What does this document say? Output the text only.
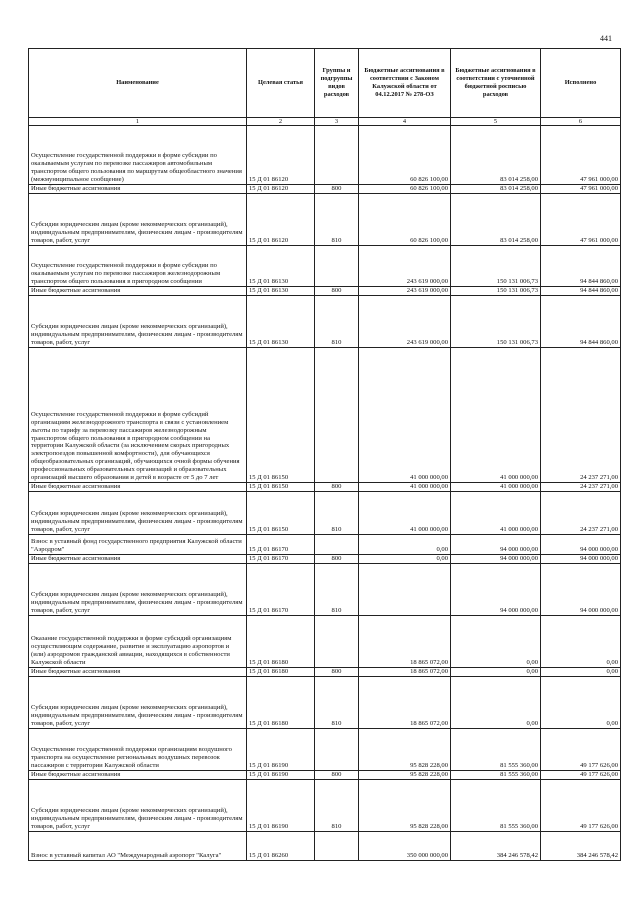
441
Наименование	Целевая статья	Группы и подгруппы видов расходов	Бюджетные ассигнования в соответствии с Законом Калужской области от 04.12.2017 № 278-ОЗ	Бюджетные ассигнования в соответствии с уточненной бюджетной росписью расходов	Исполнено
1	2	3	4	5	6
Осуществление государственной поддержки в форме субсидии по оказываемым услугам по перевозке пассажиров автомобильным транспортом общего пользования по маршрутам общеобластного значения (межмуниципальное сообщение)	15 Д 01 86120		60 826 100,00	83 014 258,00	47 961 000,00
Иные бюджетные ассигнования	15 Д 01 86120	800	60 826 100,00	83 014 258,00	47 961 000,00
Субсидии юридическим лицам (кроме некоммерческих организаций), индивидуальным предпринимателям, физическим лицам - производителям товаров, работ, услуг	15 Д 01 86120	810	60 826 100,00	83 014 258,00	47 961 000,00
Осуществление государственной поддержки в форме субсидии по оказываемым услугам по перевозке пассажиров железнодорожным транспортом общего пользования в пригородном сообщении	15 Д 01 86130		243 619 000,00	150 131 006,73	94 844 860,00
Иные бюджетные ассигнования	15 Д 01 86130	800	243 619 000,00	150 131 006,73	94 844 860,00
Субсидии юридическим лицам (кроме некоммерческих организаций), индивидуальным предпринимателям, физическим лицам - производителям товаров, работ, услуг	15 Д 01 86130	810	243 619 000,00	150 131 006,73	94 844 860,00
Осуществление государственной поддержки в форме субсидий организациям железнодорожного транспорта в связи с установлением льготы по тарифу за перевозку пассажиров железнодорожным транспортом общего пользования в пригородном сообщении на территории Калужской области (за исключением скорых пригородных электропоездов повышенной комфортности), для обучающихся общеобразовательных организаций, обучающихся очной формы обучения профессиональных образовательных организаций и образовательных организаций высшего образования и детей в возрасте от 5 до 7 лет	15 Д 01 86150		41 000 000,00	41 000 000,00	24 237 271,00
Иные бюджетные ассигнования	15 Д 01 86150	800	41 000 000,00	41 000 000,00	24 237 271,00
Субсидии юридическим лицам (кроме некоммерческих организаций), индивидуальным предпринимателям, физическим лицам - производителям товаров, работ, услуг	15 Д 01 86150	810	41 000 000,00	41 000 000,00	24 237 271,00
Взнос в уставный фонд государственного предприятия Калужской области "Аэродром"	15 Д 01 86170		0,00	94 000 000,00	94 000 000,00
Иные бюджетные ассигнования	15 Д 01 86170	800	0,00	94 000 000,00	94 000 000,00
Субсидии юридическим лицам (кроме некоммерческих организаций), индивидуальным предпринимателям, физическим лицам - производителям товаров, работ, услуг	15 Д 01 86170	810		94 000 000,00	94 000 000,00
Оказание государственной поддержки в форме субсидий организациям осуществляющим содержание, развитие и эксплуатацию аэропортов и (или) аэродромов гражданской авиации, находящихся в собственности Калужской области	15 Д 01 86180		18 865 072,00	0,00	0,00
Иные бюджетные ассигнования	15 Д 01 86180	800	18 865 072,00	0,00	0,00
Субсидии юридическим лицам (кроме некоммерческих организаций), индивидуальным предпринимателям, физическим лицам - производителям товаров, работ, услуг	15 Д 01 86180	810	18 865 072,00	0,00	0,00
Осуществление государственной поддержки организациям воздушного транспорта на осуществление региональных воздушных перевозок пассажиров с территории Калужской области	15 Д 01 86190		95 828 228,00	81 555 360,00	49 177 626,00
Иные бюджетные ассигнования	15 Д 01 86190	800	95 828 228,00	81 555 360,00	49 177 626,00
Субсидии юридическим лицам (кроме некоммерческих организаций), индивидуальным предпринимателям, физическим лицам - производителям товаров, работ, услуг	15 Д 01 86190	810	95 828 228,00	81 555 360,00	49 177 626,00
Взнос в уставный капитал АО "Международный аэропорт "Калуга"	15 Д 01 86260		350 000 000,00	384 246 578,42	384 246 578,42
